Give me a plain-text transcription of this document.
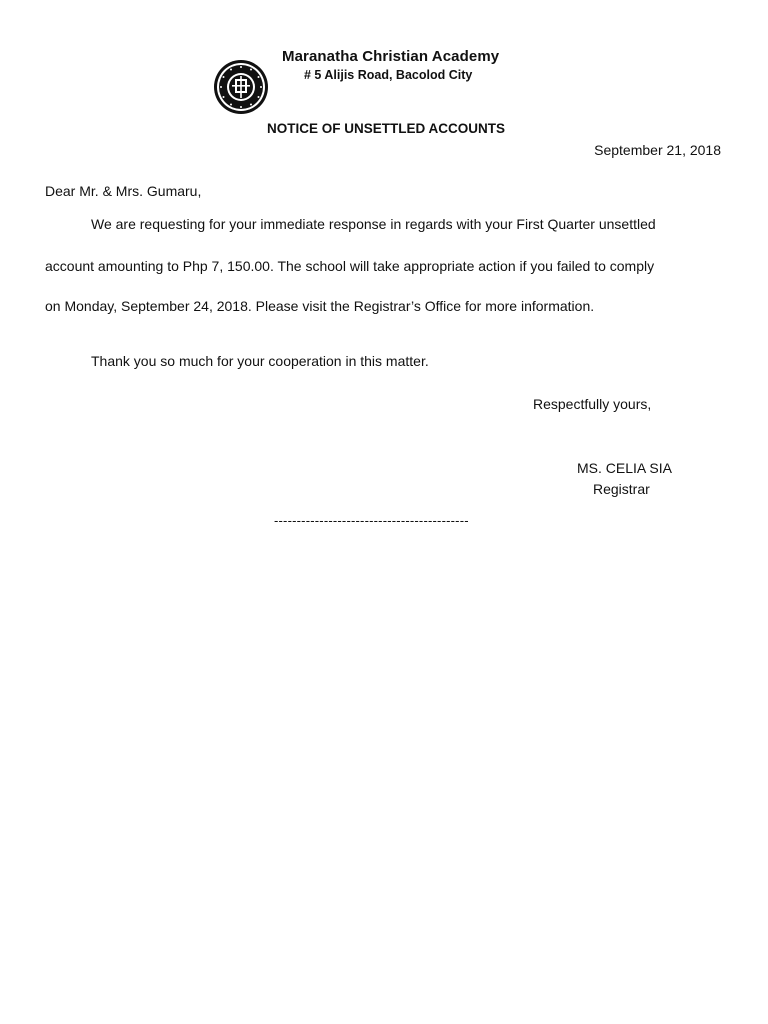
Maranatha Christian Academy
# 5 Alijis Road, Bacolod City
NOTICE OF UNSETTLED ACCOUNTS
September 21, 2018
Dear Mr. & Mrs. Gumaru,
We are requesting for your immediate response in regards with your First Quarter unsettled
account amounting to Php 7, 150.00. The school will take appropriate action if you failed to comply
on Monday, September 24, 2018. Please visit the Registrar’s Office for more information.
Thank you so much for your cooperation in this matter.
Respectfully yours,
MS. CELIA SIA
Registrar
-------------------------------------------
